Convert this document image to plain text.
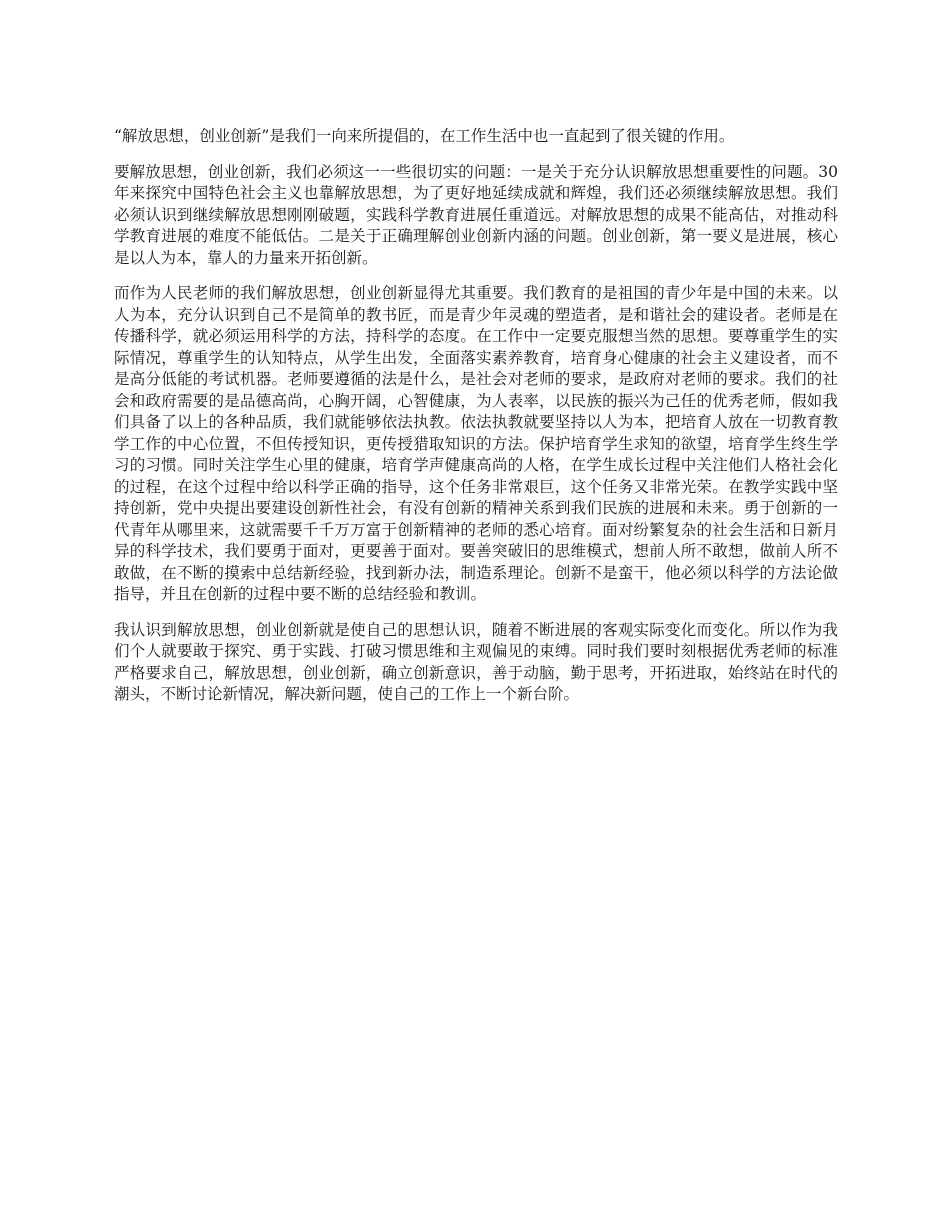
“解放思想，创业创新”是我们一向来所提倡的，在工作生活中也一直起到了很关键的作用。

要解放思想，创业创新，我们必须这一一些很切实的问题：一是关于充分认识解放思想重要性的问题。30年来探究中国特色社会主义也靠解放思想，为了更好地延续成就和辉煌，我们还必须继续解放思想。我们必须认识到继续解放思想刚刚破题，实践科学教育进展任重道远。对解放思想的成果不能高估，对推动科学教育进展的难度不能低估。二是关于正确理解创业创新内涵的问题。创业创新，第一要义是进展，核心是以人为本，靠人的力量来开拓创新。

而作为人民老师的我们解放思想，创业创新显得尤其重要。我们教育的是祖国的青少年是中国的未来。以人为本，充分认识到自己不是简单的教书匠，而是青少年灵魂的塑造者，是和谐社会的建设者。老师是在传播科学，就必须运用科学的方法，持科学的态度。在工作中一定要克服想当然的思想。要尊重学生的实际情况，尊重学生的认知特点，从学生出发，全面落实素养教育，培育身心健康的社会主义建设者，而不是高分低能的考试机器。老师要遵循的法是什么，是社会对老师的要求，是政府对老师的要求。我们的社会和政府需要的是品德高尚，心胸开阔，心智健康，为人表率，以民族的振兴为己任的优秀老师，假如我们具备了以上的各种品质，我们就能够依法执教。依法执教就要坚持以人为本，把培育人放在一切教育教学工作的中心位置，不但传授知识，更传授猎取知识的方法。保护培育学生求知的欲望，培育学生终生学习的习惯。同时关注学生心里的健康，培育学声健康高尚的人格，在学生成长过程中关注他们人格社会化的过程，在这个过程中给以科学正确的指导，这个任务非常艰巨，这个任务又非常光荣。在教学实践中坚持创新，党中央提出要建设创新性社会，有没有创新的精神关系到我们民族的进展和未来。勇于创新的一代青年从哪里来，这就需要千千万万富于创新精神的老师的悉心培育。面对纷繁复杂的社会生活和日新月异的科学技术，我们要勇于面对，更要善于面对。要善突破旧的思维模式，想前人所不敢想，做前人所不敢做，在不断的摸索中总结新经验，找到新办法，制造系理论。创新不是蛮干，他必须以科学的方法论做指导，并且在创新的过程中要不断的总结经验和教训。

我认识到解放思想，创业创新就是使自己的思想认识，随着不断进展的客观实际变化而变化。所以作为我们个人就要敢于探究、勇于实践、打破习惯思维和主观偏见的束缚。同时我们要时刻根据优秀老师的标准严格要求自己，解放思想，创业创新，确立创新意识，善于动脑，勤于思考，开拓进取，始终站在时代的潮头，不断讨论新情况，解决新问题，使自己的工作上一个新台阶。
